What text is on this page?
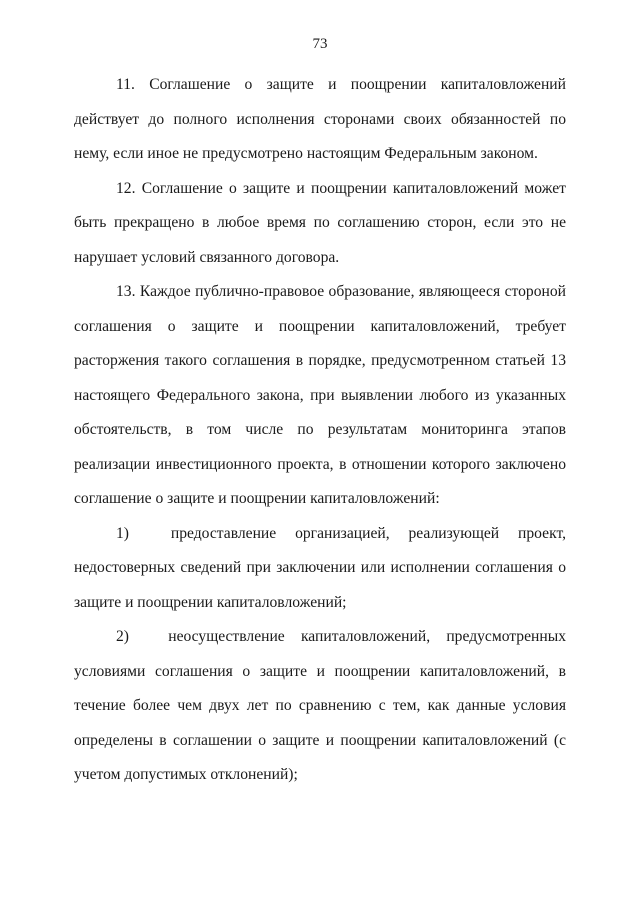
73

11. Соглашение о защите и поощрении капиталовложений действует до полного исполнения сторонами своих обязанностей по нему, если иное не предусмотрено настоящим Федеральным законом.

12. Соглашение о защите и поощрении капиталовложений может быть прекращено в любое время по соглашению сторон, если это не нарушает условий связанного договора.

13. Каждое публично-правовое образование, являющееся стороной соглашения о защите и поощрении капиталовложений, требует расторжения такого соглашения в порядке, предусмотренном статьей 13 настоящего Федерального закона, при выявлении любого из указанных обстоятельств, в том числе по результатам мониторинга этапов реализации инвестиционного проекта, в отношении которого заключено соглашение о защите и поощрении капиталовложений:

1)	предоставление организацией, реализующей проект, недостоверных сведений при заключении или исполнении соглашения о защите и поощрении капиталовложений;

2)	неосуществление капиталовложений, предусмотренных условиями соглашения о защите и поощрении капиталовложений, в течение более чем двух лет по сравнению с тем, как данные условия определены в соглашении о защите и поощрении капиталовложений (с учетом допустимых отклонений);
